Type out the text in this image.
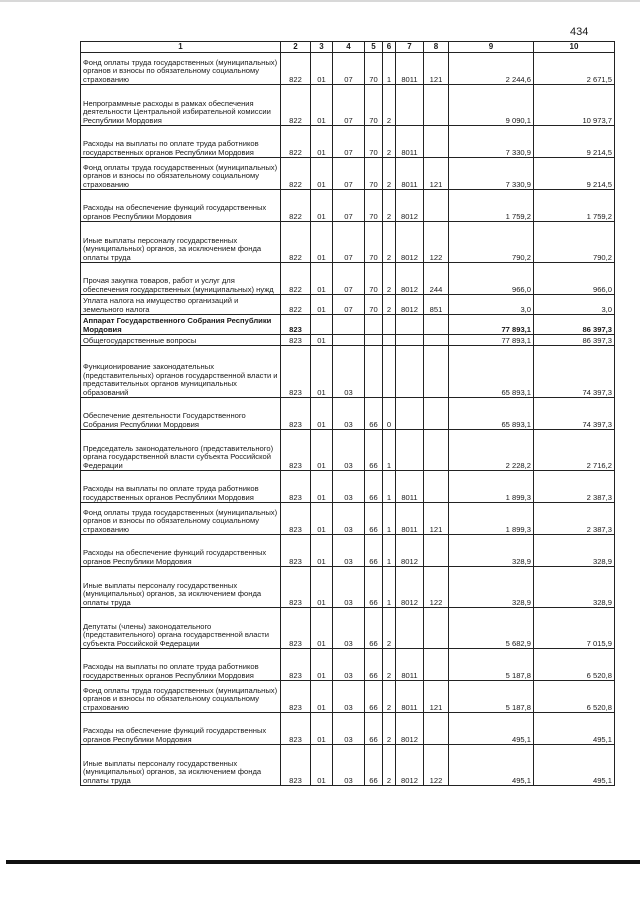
434
1	2	3	4	5	6	7	8	9	10
Фонд оплаты труда государственных (муниципальных) органов и взносы по обязательному социальному страхованию	822	01	07	70	1	8011	121	2 244,6	2 671,5
Непрограммные расходы в рамках обеспечения деятельности Центральной избирательной комиссии Республики Мордовия	822	01	07	70	2			9 090,1	10 973,7
Расходы на выплаты по оплате труда работников государственных органов Республики Мордовия	822	01	07	70	2	8011		7 330,9	9 214,5
Фонд оплаты труда государственных (муниципальных) органов и взносы по обязательному социальному страхованию	822	01	07	70	2	8011	121	7 330,9	9 214,5
Расходы на обеспечение функций государственных органов Республики Мордовия	822	01	07	70	2	8012		1 759,2	1 759,2
Иные выплаты персоналу государственных (муниципальных) органов, за исключением фонда оплаты труда	822	01	07	70	2	8012	122	790,2	790,2
Прочая закупка товаров, работ и услуг для обеспечения государственных (муниципальных) нужд	822	01	07	70	2	8012	244	966,0	966,0
Уплата налога на имущество организаций и земельного налога	822	01	07	70	2	8012	851	3,0	3,0
Аппарат Государственного Собрания Республики Мордовия	823							77 893,1	86 397,3
Общегосударственные вопросы	823	01						77 893,1	86 397,3
Функционирование законодательных (представительных) органов государственной власти и представительных органов муниципальных образований	823	01	03					65 893,1	74 397,3
Обеспечение деятельности Государственного Собрания Республики Мордовия	823	01	03	66	0			65 893,1	74 397,3
Председатель законодательного (представительного) органа государственной власти субъекта Российской Федерации	823	01	03	66	1			2 228,2	2 716,2
Расходы на выплаты по оплате труда работников государственных органов Республики Мордовия	823	01	03	66	1	8011		1 899,3	2 387,3
Фонд оплаты труда государственных (муниципальных) органов и взносы по обязательному социальному страхованию	823	01	03	66	1	8011	121	1 899,3	2 387,3
Расходы на обеспечение функций государственных органов Республики Мордовия	823	01	03	66	1	8012		328,9	328,9
Иные выплаты персоналу государственных (муниципальных) органов, за исключением фонда оплаты труда	823	01	03	66	1	8012	122	328,9	328,9
Депутаты (члены) законодательного (представительного) органа государственной власти субъекта Российской Федерации	823	01	03	66	2			5 682,9	7 015,9
Расходы на выплаты по оплате труда работников государственных органов Республики Мордовия	823	01	03	66	2	8011		5 187,8	6 520,8
Фонд оплаты труда государственных (муниципальных) органов и взносы по обязательному социальному страхованию	823	01	03	66	2	8011	121	5 187,8	6 520,8
Расходы на обеспечение функций государственных органов Республики Мордовия	823	01	03	66	2	8012		495,1	495,1
Иные выплаты персоналу государственных (муниципальных) органов, за исключением фонда оплаты труда	823	01	03	66	2	8012	122	495,1	495,1
